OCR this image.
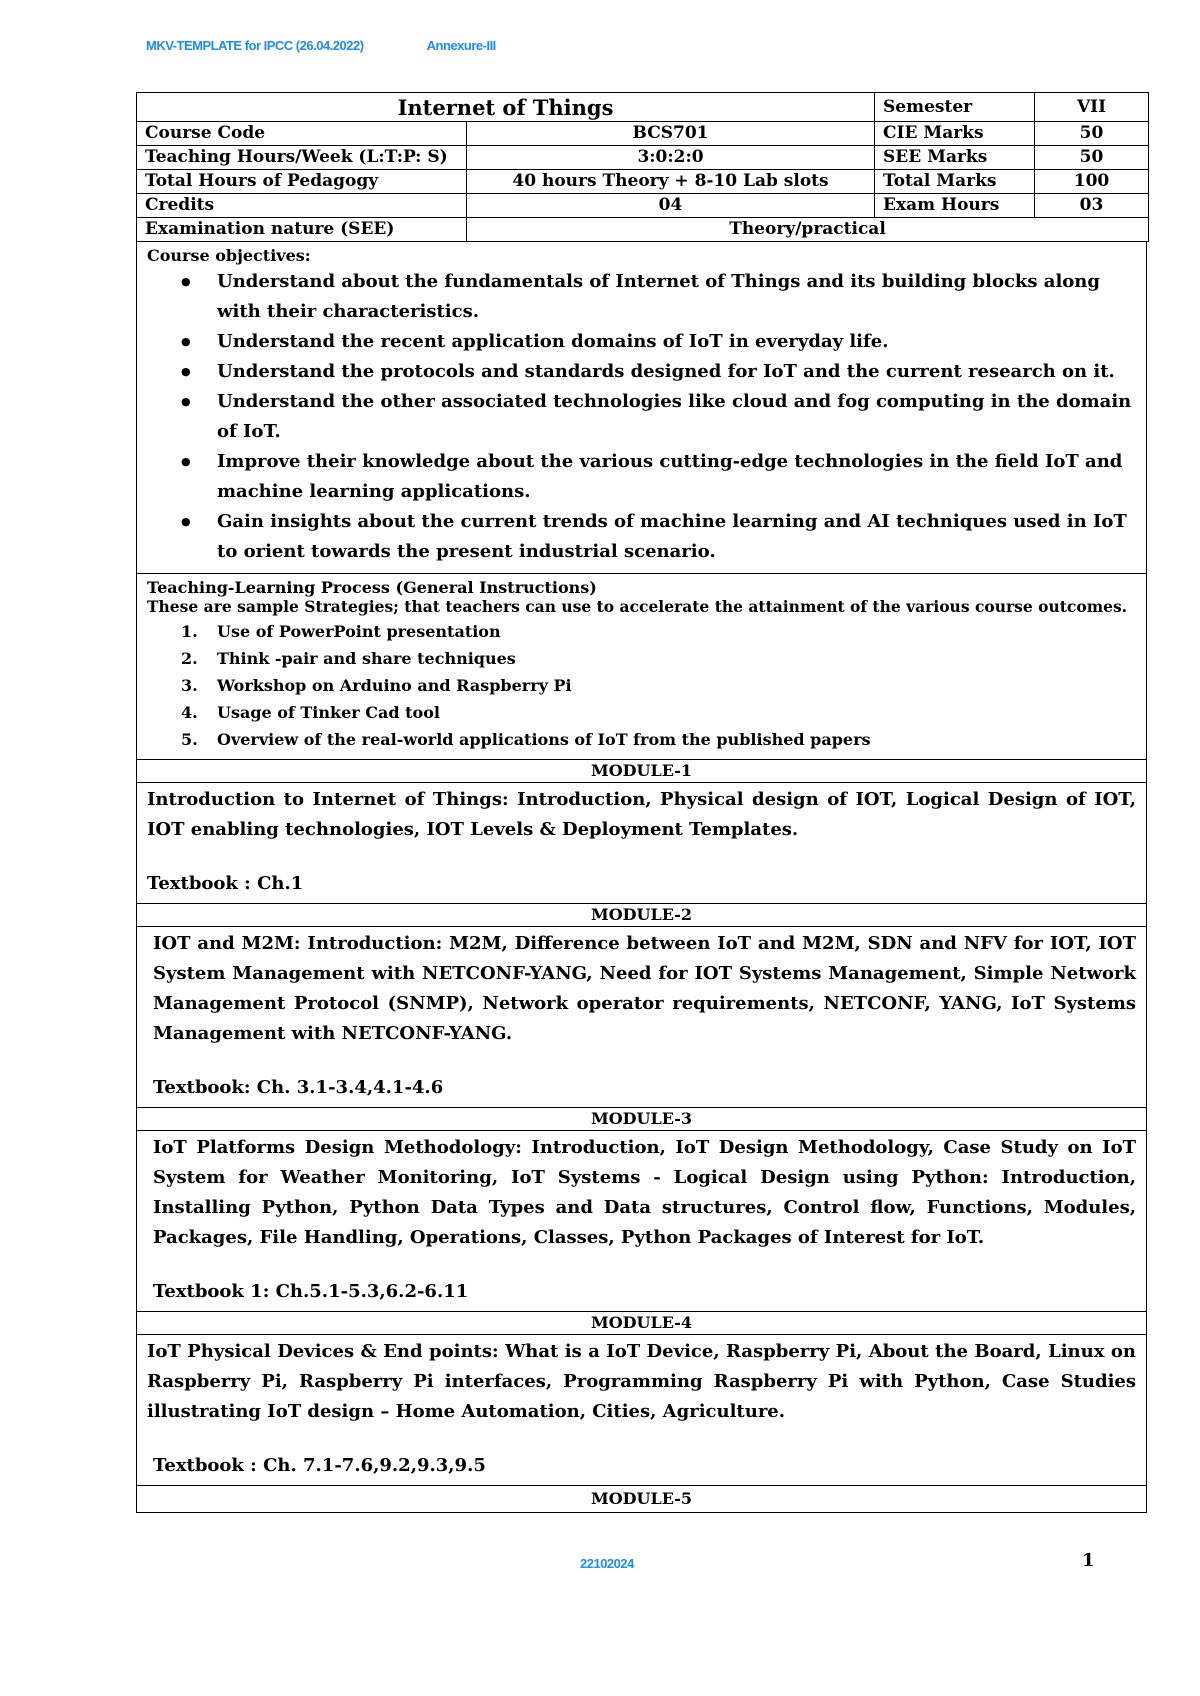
MKV-TEMPLATE for IPCC (26.04.2022)	Annexure-III
Internet of Things		Semester	VII
Course Code	BCS701	CIE Marks	50
Teaching Hours/Week (L:T:P: S)	3:0:2:0	SEE Marks	50
Total Hours of Pedagogy	40 hours Theory + 8-10 Lab slots	Total Marks	100
Credits	04	Exam Hours	03
Examination nature (SEE)	Theory/practical		
Course objectives:
● Understand about the fundamentals of Internet of Things and its building blocks along with their characteristics.
● Understand the recent application domains of IoT in everyday life.
● Understand the protocols and standards designed for IoT and the current research on it.
● Understand the other associated technologies like cloud and fog computing in the domain of IoT.
● Improve their knowledge about the various cutting-edge technologies in the field IoT and machine learning applications.
● Gain insights about the current trends of machine learning and AI techniques used in IoT to orient towards the present industrial scenario.
Teaching-Learning Process (General Instructions)
These are sample Strategies; that teachers can use to accelerate the attainment of the various course outcomes.
1. Use of PowerPoint presentation
2. Think -pair and share techniques
3. Workshop on Arduino and Raspberry Pi
4. Usage of Tinker Cad tool
5. Overview of the real-world applications of IoT from the published papers
MODULE-1
Introduction to Internet of Things: Introduction, Physical design of IOT, Logical Design of IOT, IOT enabling technologies, IOT Levels & Deployment Templates.
Textbook : Ch.1
MODULE-2
IOT and M2M: Introduction: M2M, Difference between IoT and M2M, SDN and NFV for IOT, IOT System Management with NETCONF-YANG, Need for IOT Systems Management, Simple Network Management Protocol (SNMP), Network operator requirements, NETCONF, YANG, IoT Systems Management with NETCONF-YANG.
Textbook: Ch. 3.1-3.4,4.1-4.6
MODULE-3
IoT Platforms Design Methodology: Introduction, IoT Design Methodology, Case Study on IoT System for Weather Monitoring, IoT Systems - Logical Design using Python: Introduction, Installing Python, Python Data Types and Data structures, Control flow, Functions, Modules, Packages, File Handling, Operations, Classes, Python Packages of Interest for IoT.
Textbook 1: Ch.5.1-5.3,6.2-6.11
MODULE-4
IoT Physical Devices & End points: What is a IoT Device, Raspberry Pi, About the Board, Linux on Raspberry Pi, Raspberry Pi interfaces, Programming Raspberry Pi with Python, Case Studies illustrating IoT design – Home Automation, Cities, Agriculture.
Textbook : Ch. 7.1-7.6,9.2,9.3,9.5
MODULE-5
22102024	1
